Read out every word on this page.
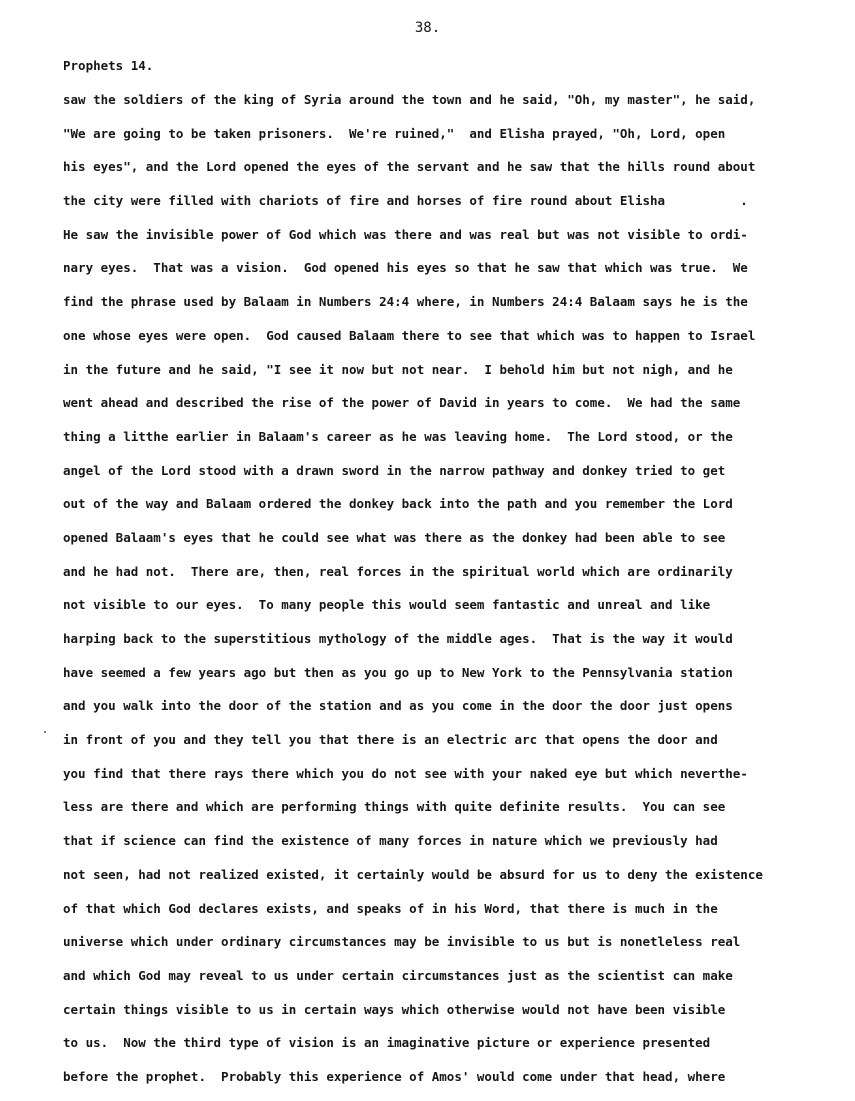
38.
Prophets 14.
saw the soldiers of the king of Syria around the town and he said, "Oh, my master", he said,
"We are going to be taken prisoners.  We're ruined,"  and Elisha prayed, "Oh, Lord, open
his eyes", and the Lord opened the eyes of the servant and he saw that the hills round about
the city were filled with chariots of fire and horses of fire round about Elisha          .
He saw the invisible power of God which was there and was real but was not visible to ordi-
nary eyes.  That was a vision.  God opened his eyes so that he saw that which was true.  We
find the phrase used by Balaam in Numbers 24:4 where, in Numbers 24:4 Balaam says he is the
one whose eyes were open.  God caused Balaam there to see that which was to happen to Israel
in the future and he said, "I see it now but not near.  I behold him but not nigh, and he
went ahead and described the rise of the power of David in years to come.  We had the same
thing a litthe earlier in Balaam's career as he was leaving home.  The Lord stood, or the
angel of the Lord stood with a drawn sword in the narrow pathway and donkey tried to get
out of the way and Balaam ordered the donkey back into the path and you remember the Lord
opened Balaam's eyes that he could see what was there as the donkey had been able to see
and he had not.  There are, then, real forces in the spiritual world which are ordinarily
not visible to our eyes.  To many people this would seem fantastic and unreal and like
harping back to the superstitious mythology of the middle ages.  That is the way it would
have seemed a few years ago but then as you go up to New York to the Pennsylvania station
and you walk into the door of the station and as you come in the door the door just opens
in front of you and they tell you that there is an electric arc that opens the door and
you find that there rays there which you do not see with your naked eye but which neverthe-
less are there and which are performing things with quite definite results.  You can see
that if science can find the existence of many forces in nature which we previously had
not seen, had not realized existed, it certainly would be absurd for us to deny the existence
of that which God declares exists, and speaks of in his Word, that there is much in the
universe which under ordinary circumstances may be invisible to us but is nonetleless real
and which God may reveal to us under certain circumstances just as the scientist can make
certain things visible to us in certain ways which otherwise would not have been visible
to us.  Now the third type of vision is an imaginative picture or experience presented
before the prophet.  Probably this experience of Amos' would come under that head, where
